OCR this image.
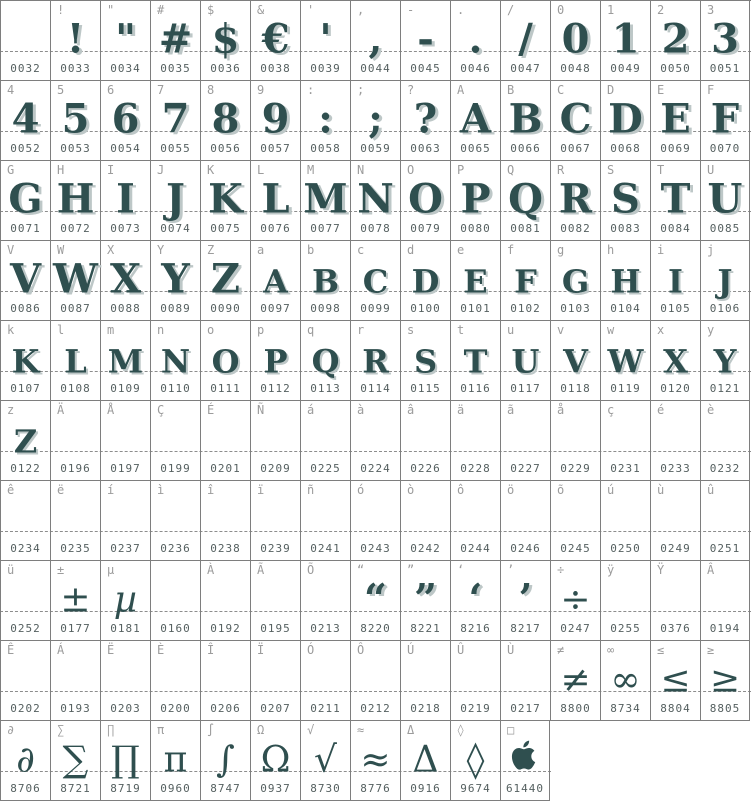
0032
!
!
0033
"
"
0034
#
#
0035
$
$
0036
&
€
0038
'
'
0039
,
,
0044
-
-
0045
.
.
0046
/
/
0047
0
0
0048
1
1
0049
2
2
0050
3
3
0051
4
4
0052
5
5
0053
6
6
0054
7
7
0055
8
8
0056
9
9
0057
:
:
0058
;
;
0059
?
?
0063
A
A
0065
B
B
0066
C
C
0067
D
D
0068
E
E
0069
F
F
0070
G
G
0071
H
H
0072
I
I
0073
J
J
0074
K
K
0075
L
L
0076
M
M
0077
N
N
0078
O
O
0079
P
P
0080
Q
Q
0081
R
R
0082
S
S
0083
T
T
0084
U
U
0085
V
V
0086
W
W
0087
X
X
0088
Y
Y
0089
Z
Z
0090
a
A
0097
b
B
0098
c
C
0099
d
D
0100
e
E
0101
f
F
0102
g
G
0103
h
H
0104
i
I
0105
j
J
0106
k
K
0107
l
L
0108
m
M
0109
n
N
0110
o
O
0111
p
P
0112
q
Q
0113
r
R
0114
s
S
0115
t
T
0116
u
U
0117
v
V
0118
w
W
0119
x
X
0120
y
Y
0121
z
Z
0122
Ä
0196
Å
0197
Ç
0199
É
0201
Ñ
0209
á
0225
à
0224
â
0226
ä
0228
ã
0227
å
0229
ç
0231
é
0233
è
0232
ê
0234
ë
0235
í
0237
ì
0236
î
0238
ï
0239
ñ
0241
ó
0243
ò
0242
ô
0244
ö
0246
õ
0245
ú
0250
ù
0249
û
0251
ü
0252
±
±
0177
µ
µ
0181	0160
À
0192
Ã
0195
Õ
0213
“
“
8220
”
”
8221
‘
‘
8216
’
’
8217
÷
÷
0247
ÿ
0255
Ÿ
0376
Â
0194
Ê
0202
Á
0193
Ë
0203
È
0200
Î
0206
Ï
0207
Ó
0211
Ô
0212
Ú
0218
Û
0219
Ù
0217
≠
≠
8800
∞
∞
8734
≤
≤
8804
≥
≥
8805
∂
∂
8706
∑
∑
8721
∏
∏
8719
π
π
0960
∫
∫
8747
Ω
Ω
0937
√
√
8730
≈
≈
8776
Δ
Δ
0916
◊
◊
9674
□
61440
